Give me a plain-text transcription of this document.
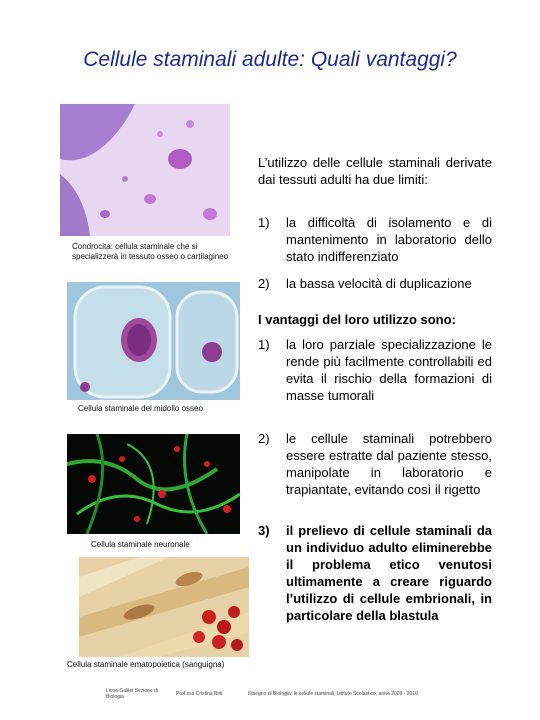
Cellule staminali adulte: Quali vantaggi?
Condrocita: cellula staminale che si specializzerà in tessuto osseo o cartilagineo
Cellula staminale del midollo osseo
Cellula staminale neuronale
Cellula staminale ematopoietica (sanguigna)
L’utilizzo delle cellule staminali derivate dai tessuti adulti ha due limiti:
1) la difficoltà di isolamento e di mantenimento in laboratorio dello stato indifferenziato
2) la bassa velocità di duplicazione
I vantaggi del loro utilizzo sono:
1) la loro parziale specializzazione le rende più facilmente controllabili ed evita il rischio della formazioni di masse tumorali
2) le cellule staminali potrebbero essere estratte dal paziente stesso, manipolate in laboratorio e trapiantate, evitando così il rigetto
3) il prelievo di cellule staminali da un individuo adulto eliminerebbe il problema etico venutosi ultimamente a creare riguardo l’utilizzo di cellule embrionali, in particolare della blastula
Liceo Galilei Sezione di Biologia	Prof.ssa Cristina Bini	Disegno di Biologia: le cellule staminali, Istituto Scolastico, anno 2009 - 2010
